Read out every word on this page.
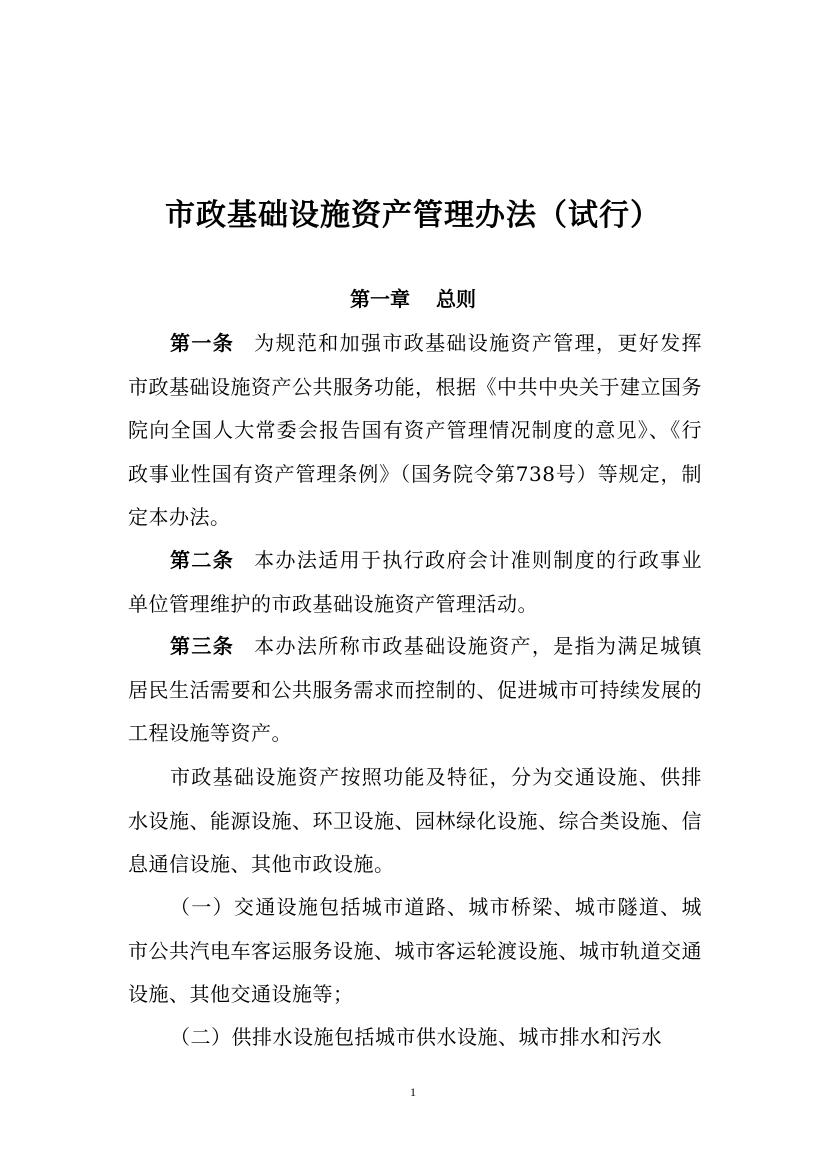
市政基础设施资产管理办法（试行）
第一章 总则
第一条 为规范和加强市政基础设施资产管理，更好发挥市政基础设施资产公共服务功能，根据《中共中央关于建立国务院向全国人大常委会报告国有资产管理情况制度的意见》、《行政事业性国有资产管理条例》（国务院令第738号）等规定，制定本办法。
第二条 本办法适用于执行政府会计准则制度的行政事业单位管理维护的市政基础设施资产管理活动。
第三条 本办法所称市政基础设施资产，是指为满足城镇居民生活需要和公共服务需求而控制的、促进城市可持续发展的工程设施等资产。
市政基础设施资产按照功能及特征，分为交通设施、供排水设施、能源设施、环卫设施、园林绿化设施、综合类设施、信息通信设施、其他市政设施。
（一）交通设施包括城市道路、城市桥梁、城市隧道、城市公共汽电车客运服务设施、城市客运轮渡设施、城市轨道交通设施、其他交通设施等；
（二）供排水设施包括城市供水设施、城市排水和污水
1
